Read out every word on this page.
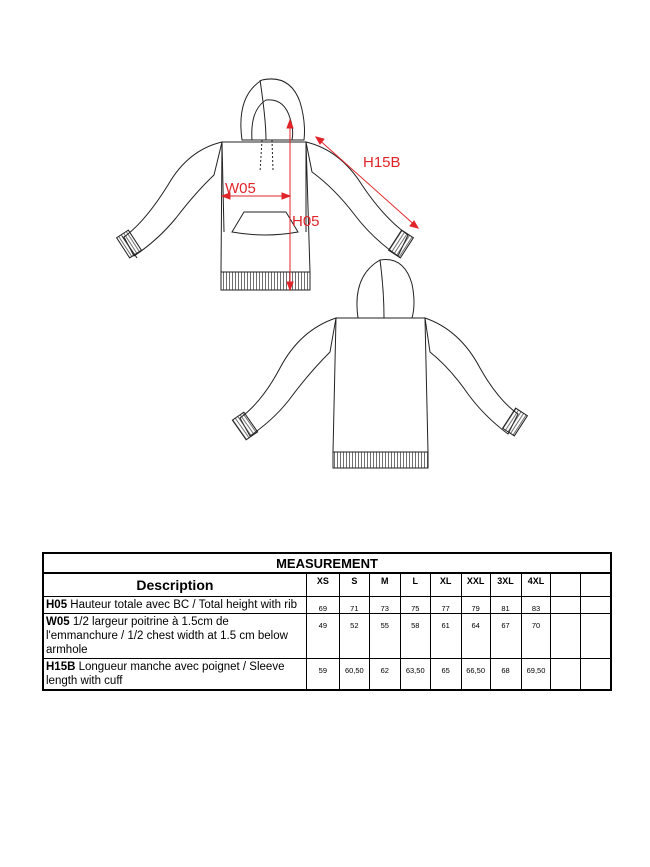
H15B
W05
H05
MEASUREMENT										
Description	XS	S	M	L	XL	XXL	3XL	4XL		
H05 Hauteur totale avec BC / Total height with rib	69	71	73	75	77	79	81	83		
W05 1/2 largeur poitrine à 1.5cm de l'emmanchure / 1/2 chest width at 1.5 cm below armhole	49	52	55	58	61	64	67	70		
H15B Longueur manche avec poignet / Sleeve length with cuff	59	60,50	62	63,50	65	66,50	68	69,50		
